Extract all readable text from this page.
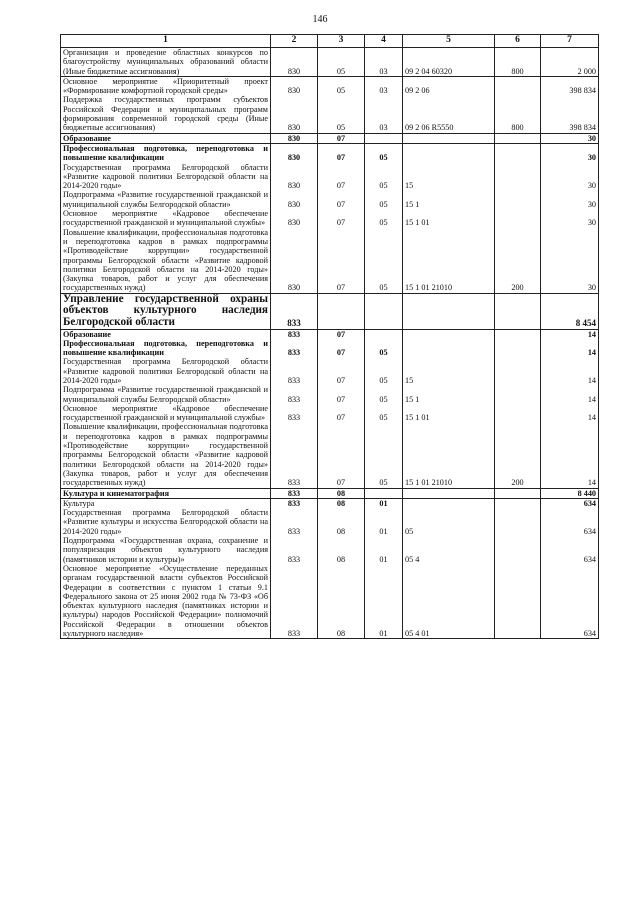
146
1	2	3	4	5	6	7
Организация и проведение областных конкурсов по благоустройству муниципальных образований области (Иные бюджетные ассигнования)	830	05	03	09 2 04 60320	800	2 000
Основное мероприятие «Приоритетный проект «Формирование комфортной городской среды»	830	05	03	09 2 06		398 834
Поддержка государственных программ субъектов Российской Федерации и муниципальных программ формирования современной городской среды (Иные бюджетные ассигнования)	830	05	03	09 2 06 R5550	800	398 834
Образование	830	07				30
Профессиональная подготовка, переподготовка и повышение квалификации	830	07	05			30
Государственная программа Белгородской области «Развитие кадровой политики Белгородской области на 2014-2020 годы»	830	07	05	15		30
Подпрограмма «Развитие государственной гражданской и муниципальной службы Белгородской области»	830	07	05	15 1		30
Основное мероприятие «Кадровое обеспечение государственной гражданской и муниципальной службы»	830	07	05	15 1 01		30
Повышение квалификации, профессиональная подготовка и переподготовка кадров в рамках подпрограммы «Противодействие коррупции» государственной программы Белгородской области «Развитие кадровой политики Белгородской области на 2014-2020 годы» (Закупка товаров, работ и услуг для обеспечения государственных нужд)	830	07	05	15 1 01 21010	200	30
Управление государственной охраны объектов культурного наследия Белгородской области	833					8 454
Образование	833	07				14
Профессиональная подготовка, переподготовка и повышение квалификации	833	07	05			14
Государственная программа Белгородской области «Развитие кадровой политики Белгородской области на 2014-2020 годы»	833	07	05	15		14
Подпрограмма «Развитие государственной гражданской и муниципальной службы Белгородской области»	833	07	05	15 1		14
Основное мероприятие «Кадровое обеспечение государственной гражданской и муниципальной службы»	833	07	05	15 1 01		14
Повышение квалификации, профессиональная подготовка и переподготовка кадров в рамках подпрограммы «Противодействие коррупции» государственной программы Белгородской области «Развитие кадровой политики Белгородской области на 2014-2020 годы» (Закупка товаров, работ и услуг для обеспечения государственных нужд)	833	07	05	15 1 01 21010	200	14
Культура и кинематография	833	08				8 440
Культура	833	08	01			634
Государственная программа Белгородской области «Развитие культуры и искусства Белгородской области на 2014-2020 годы»	833	08	01	05		634
Подпрограмма «Государственная охрана, сохранение и популяризация объектов культурного наследия (памятников истории и культуры)»	833	08	01	05 4		634
Основное мероприятие «Осуществление переданных органам государственной власти субъектов Российской Федерации в соответствии с пунктом 1 статьи 9.1 Федерального закона от 25 июня 2002 года № 73-ФЗ «Об объектах культурного наследия (памятниках истории и культуры) народов Российской Федерации» полномочий Российской Федерации в отношении объектов культурного наследия»	833	08	01	05 4 01		634
